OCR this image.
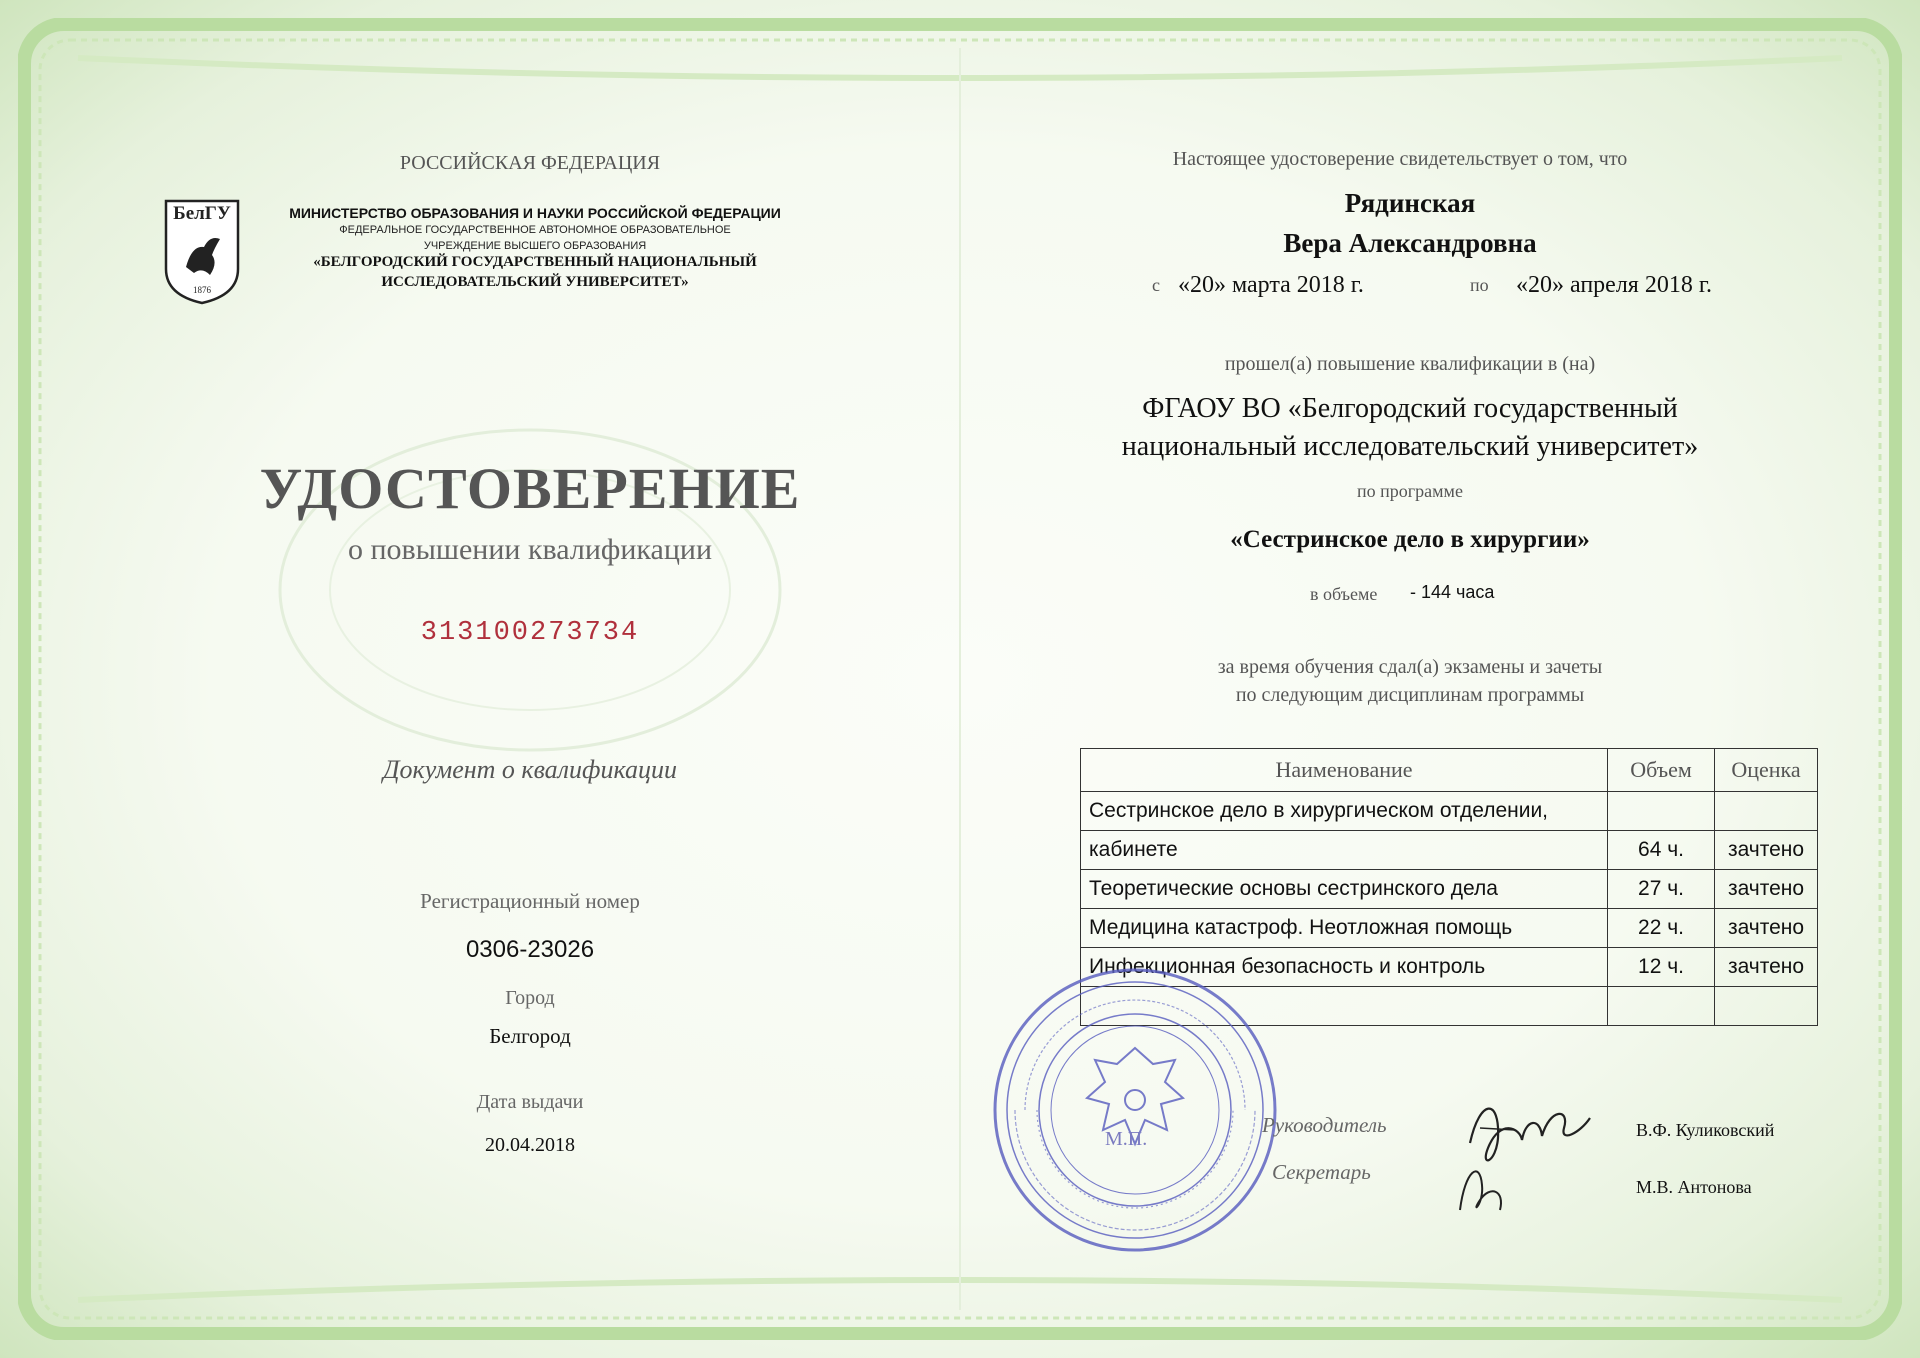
РОССИЙСКАЯ ФЕДЕРАЦИЯ
1876
БелГУ	МИНИСТЕРСТВО ОБРАЗОВАНИЯ И НАУКИ РОССИЙСКОЙ ФЕДЕРАЦИИ
ФЕДЕРАЛЬНОЕ ГОСУДАРСТВЕННОЕ АВТОНОМНОЕ ОБРАЗОВАТЕЛЬНОЕ
УЧРЕЖДЕНИЕ ВЫСШЕГО ОБРАЗОВАНИЯ
«БЕЛГОРОДСКИЙ ГОСУДАРСТВЕННЫЙ НАЦИОНАЛЬНЫЙ
ИССЛЕДОВАТЕЛЬСКИЙ УНИВЕРСИТЕТ»
УДОСТОВЕРЕНИЕ
о повышении квалификации
313100273734
Документ о квалификации
Регистрационный номер
0306-23026
Город
Белгород
Дата выдачи
20.04.2018
Настоящее удостоверение свидетельствует о том, что
Рядинская
Вера Александровна
с «20» марта 2018 г.	по «20» апреля 2018 г.
прошел(а) повышение квалификации в (на)
ФГАОУ ВО «Белгородский государственный
национальный исследовательский университет»
по программе
«Сестринское дело в хирургии»
в объеме - 144 часа
за время обучения сдал(а) экзамены и зачеты
по следующим дисциплинам программы
Наименование	Объем	Оценка
Сестринское дело в хирургическом отделении,		
кабинете	64 ч.	зачтено
Теоретические основы сестринского дела	27 ч.	зачтено
Медицина катастроф. Неотложная помощь	22 ч.	зачтено
Инфекционная безопасность и контроль	12 ч.	зачтено

М.П.
Руководитель
Секретарь
В.Ф. Куликовский
М.В. Антонова
